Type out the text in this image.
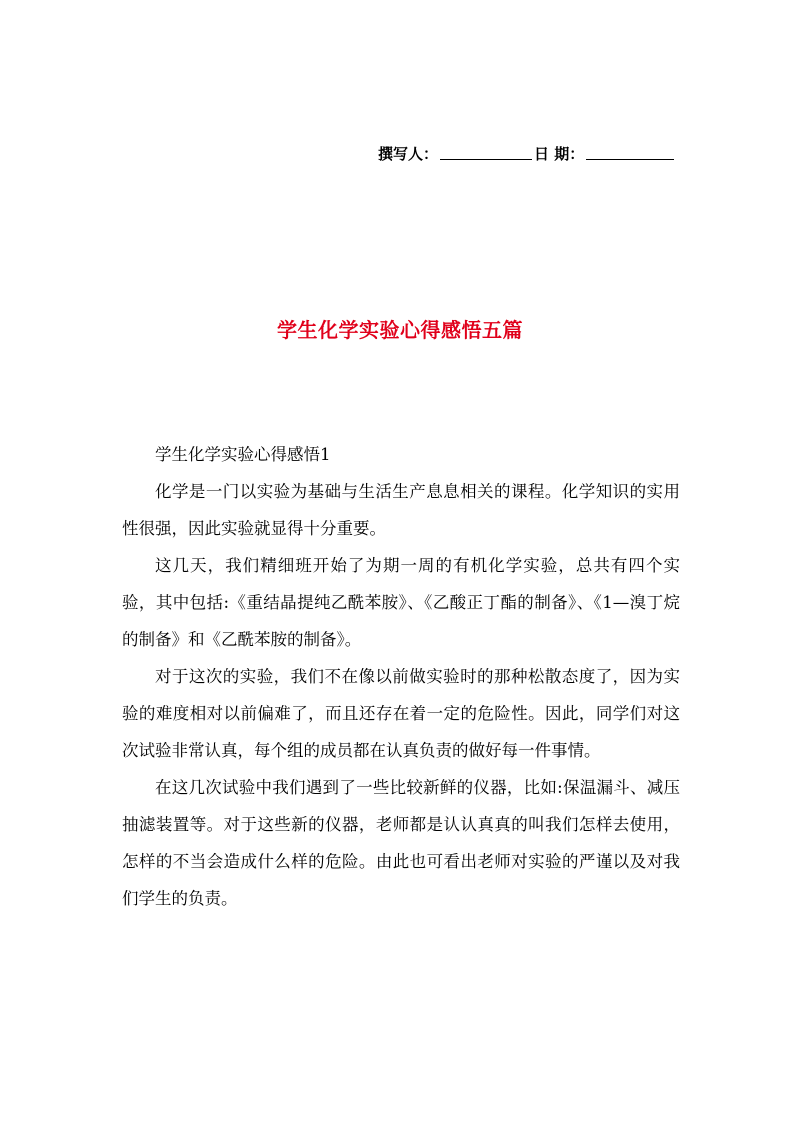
撰写人：	日 期：
学生化学实验心得感悟五篇

学生化学实验心得感悟1

化学是一门以实验为基础与生活生产息息相关的课程。化学知识的实用性很强，因此实验就显得十分重要。

这几天，我们精细班开始了为期一周的有机化学实验，总共有四个实验，其中包括:《重结晶提纯乙酰苯胺》、《乙酸正丁酯的制备》、《1—溴丁烷的制备》和《乙酰苯胺的制备》。

对于这次的实验，我们不在像以前做实验时的那种松散态度了，因为实验的难度相对以前偏难了，而且还存在着一定的危险性。因此，同学们对这次试验非常认真，每个组的成员都在认真负责的做好每一件事情。

在这几次试验中我们遇到了一些比较新鲜的仪器，比如:保温漏斗、减压抽滤装置等。对于这些新的仪器，老师都是认认真真的叫我们怎样去使用，怎样的不当会造成什么样的危险。由此也可看出老师对实验的严谨以及对我们学生的负责。
